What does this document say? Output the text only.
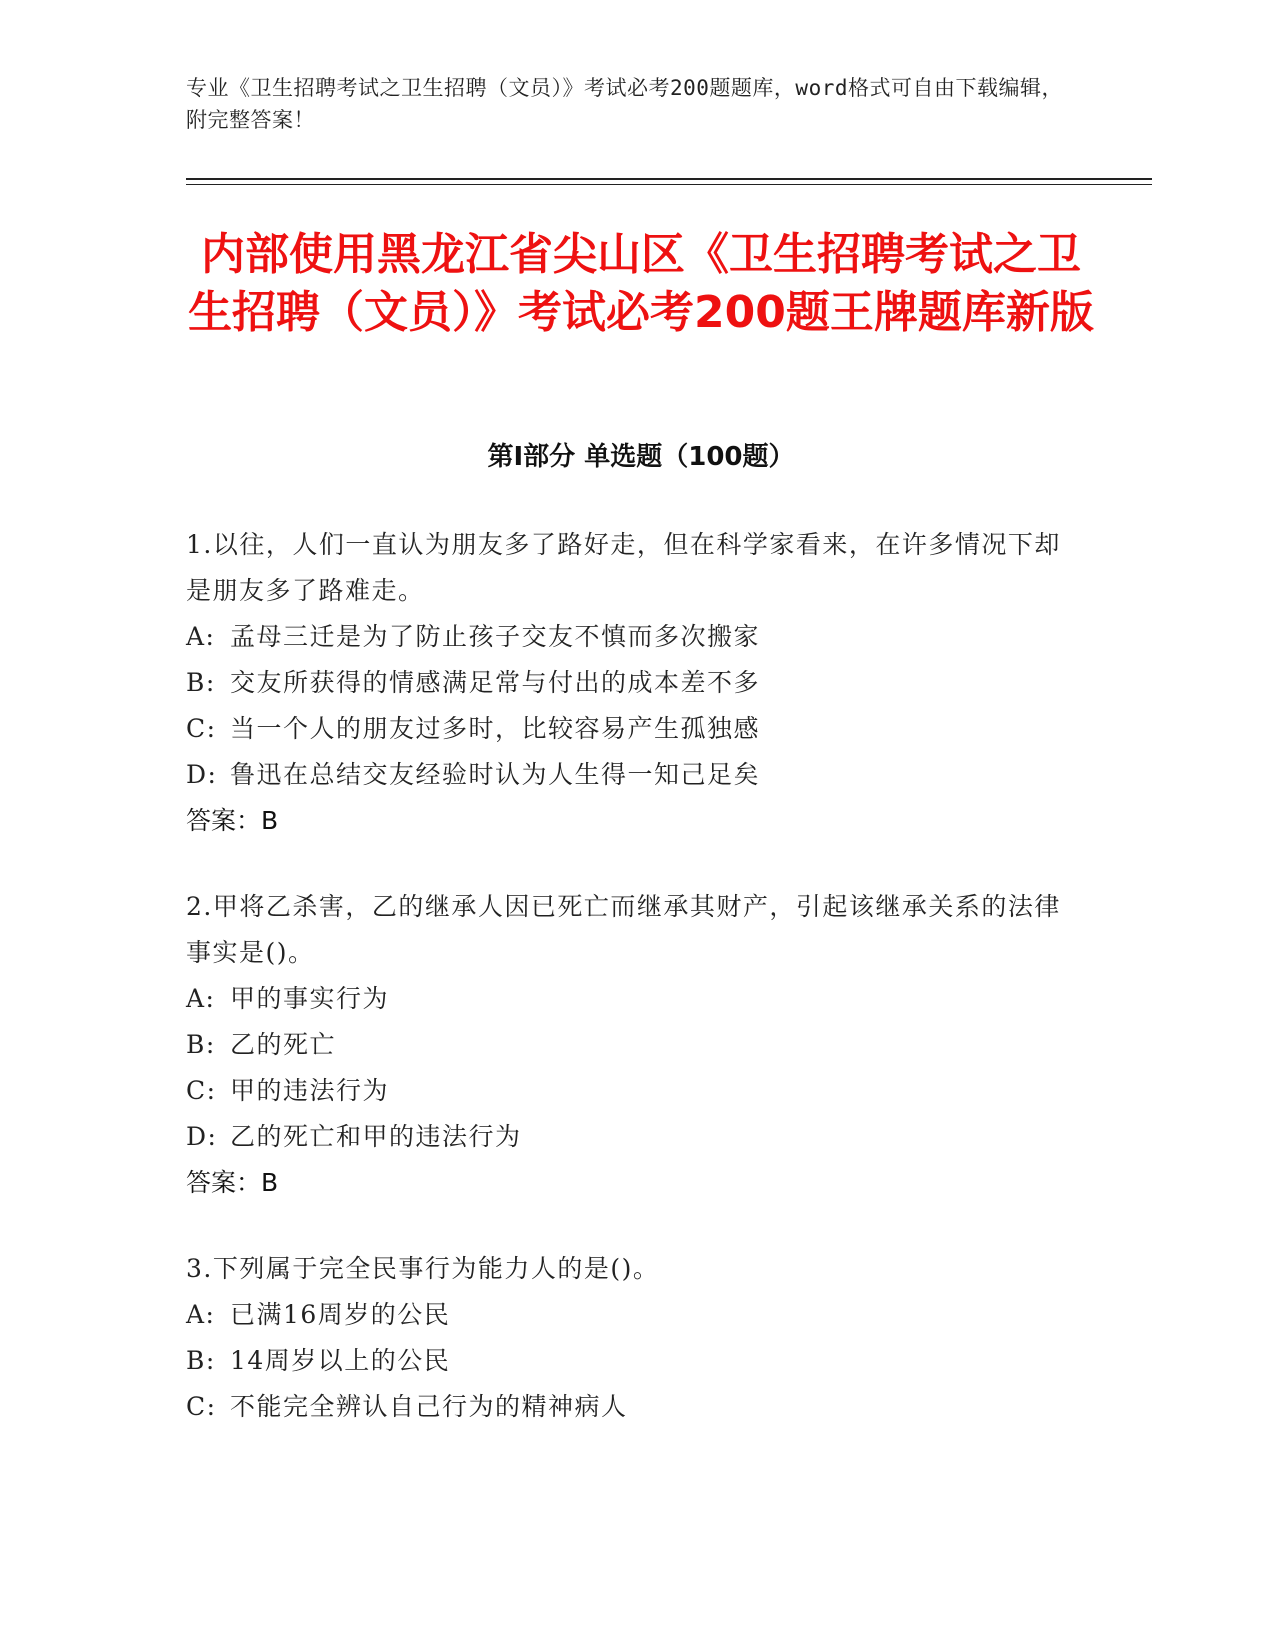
专业《卫生招聘考试之卫生招聘（文员）》考试必考200题题库，word格式可自由下载编辑，附完整答案！
内部使用黑龙江省尖山区《卫生招聘考试之卫生招聘（文员）》考试必考200题王牌题库新版
第Ⅰ部分 单选题（100题）

1.以往，人们一直认为朋友多了路好走，但在科学家看来，在许多情况下却是朋友多了路难走。

A: 孟母三迁是为了防止孩子交友不慎而多次搬家

B: 交友所获得的情感满足常与付出的成本差不多

C: 当一个人的朋友过多时，比较容易产生孤独感

D: 鲁迅在总结交友经验时认为人生得一知己足矣

答案：B

2.甲将乙杀害，乙的继承人因已死亡而继承其财产，引起该继承关系的法律事实是()。

A: 甲的事实行为

B: 乙的死亡

C: 甲的违法行为

D: 乙的死亡和甲的违法行为

答案：B

3.下列属于完全民事行为能力人的是()。

A: 已满16周岁的公民

B: 14周岁以上的公民

C: 不能完全辨认自己行为的精神病人
